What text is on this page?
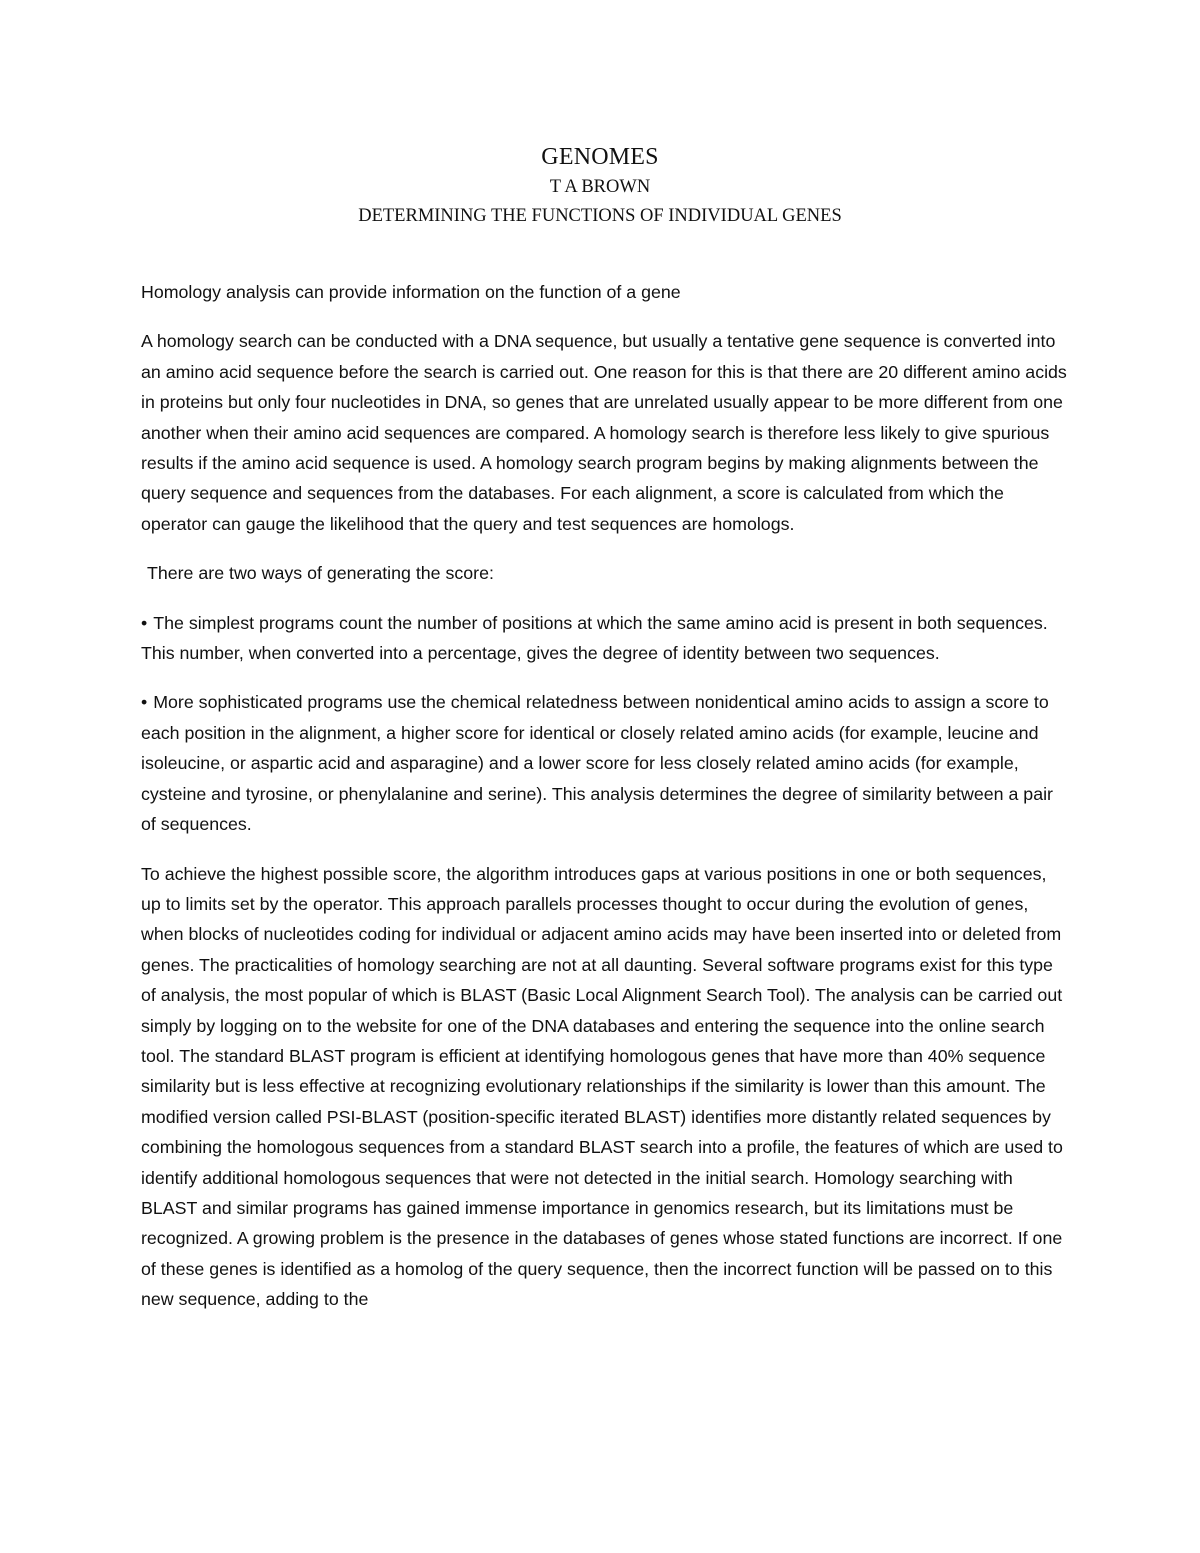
GENOMES
T A BROWN
DETERMINING THE FUNCTIONS OF INDIVIDUAL GENES

Homology analysis can provide information on the function of a gene

A homology search can be conducted with a DNA sequence, but usually a tentative gene sequence is converted into an amino acid sequence before the search is carried out. One reason for this is that there are 20 different amino acids in proteins but only four nucleotides in DNA, so genes that are unrelated usually appear to be more different from one another when their amino acid sequences are compared. A homology search is therefore less likely to give spurious results if the amino acid sequence is used. A homology search program begins by making alignments between the query sequence and sequences from the databases. For each alignment, a score is calculated from which the operator can gauge the likelihood that the query and test sequences are homologs.

There are two ways of generating the score:

• The simplest programs count the number of positions at which the same amino acid is present in both sequences. This number, when converted into a percentage, gives the degree of identity between two sequences.

• More sophisticated programs use the chemical relatedness between nonidentical amino acids to assign a score to each position in the alignment, a higher score for identical or closely related amino acids (for example, leucine and isoleucine, or aspartic acid and asparagine) and a lower score for less closely related amino acids (for example, cysteine and tyrosine, or phenylalanine and serine). This analysis determines the degree of similarity between a pair of sequences.

To achieve the highest possible score, the algorithm introduces gaps at various positions in one or both sequences, up to limits set by the operator. This approach parallels processes thought to occur during the evolution of genes, when blocks of nucleotides coding for individual or adjacent amino acids may have been inserted into or deleted from genes. The practicalities of homology searching are not at all daunting. Several software programs exist for this type of analysis, the most popular of which is BLAST (Basic Local Alignment Search Tool). The analysis can be carried out simply by logging on to the website for one of the DNA databases and entering the sequence into the online search tool. The standard BLAST program is efficient at identifying homologous genes that have more than 40% sequence similarity but is less effective at recognizing evolutionary relationships if the similarity is lower than this amount. The modified version called PSI-BLAST (position-specific iterated BLAST) identifies more distantly related sequences by combining the homologous sequences from a standard BLAST search into a profile, the features of which are used to identify additional homologous sequences that were not detected in the initial search. Homology searching with BLAST and similar programs has gained immense importance in genomics research, but its limitations must be recognized. A growing problem is the presence in the databases of genes whose stated functions are incorrect. If one of these genes is identified as a homolog of the query sequence, then the incorrect function will be passed on to this new sequence, adding to the
